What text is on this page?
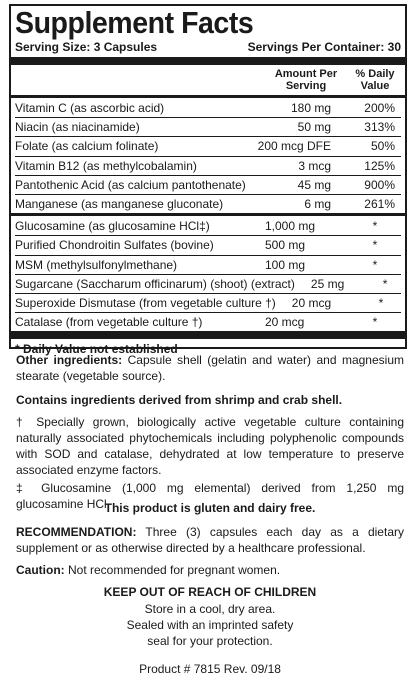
Supplement Facts
Serving Size: 3 Capsules	Servings Per Container: 30
Amount Per
Serving
% Daily
Value
Vitamin C (as ascorbic acid)	180 mg	200%
Niacin (as niacinamide)	50 mg	313%
Folate (as calcium folinate)	200 mcg DFE	50%
Vitamin B12 (as methylcobalamin)	3 mcg	125%
Pantothenic Acid (as calcium pantothenate)	45 mg	900%
Manganese (as manganese gluconate)	6 mg	261%
Glucosamine (as glucosamine HCl‡)	1,000 mg	*
Purified Chondroitin Sulfates (bovine)	500 mg	*
MSM (methylsulfonylmethane)	100 mg	*
Sugarcane (Saccharum officinarum) (shoot) (extract)	25 mg	*
Superoxide Dismutase (from vegetable culture †)	20 mcg	*
Catalase (from vegetable culture †)	20 mcg	*
* Daily Value not established
Other ingredients: Capsule shell (gelatin and water) and magnesium stearate (vegetable source).
Contains ingredients derived from shrimp and crab shell.
† Specially grown, biologically active vegetable culture containing naturally associated phytochemicals including polyphenolic compounds with SOD and catalase, dehydrated at low temperature to preserve associated enzyme factors.
‡ Glucosamine (1,000 mg elemental) derived from 1,250 mg glucosamine HCl.
This product is gluten and dairy free.
RECOMMENDATION: Three (3) capsules each day as a dietary supplement or as otherwise directed by a healthcare professional.
Caution: Not recommended for pregnant women.
KEEP OUT OF REACH OF CHILDREN
Store in a cool, dry area.
Sealed with an imprinted safety
seal for your protection.
Product # 7815 Rev. 09/18
